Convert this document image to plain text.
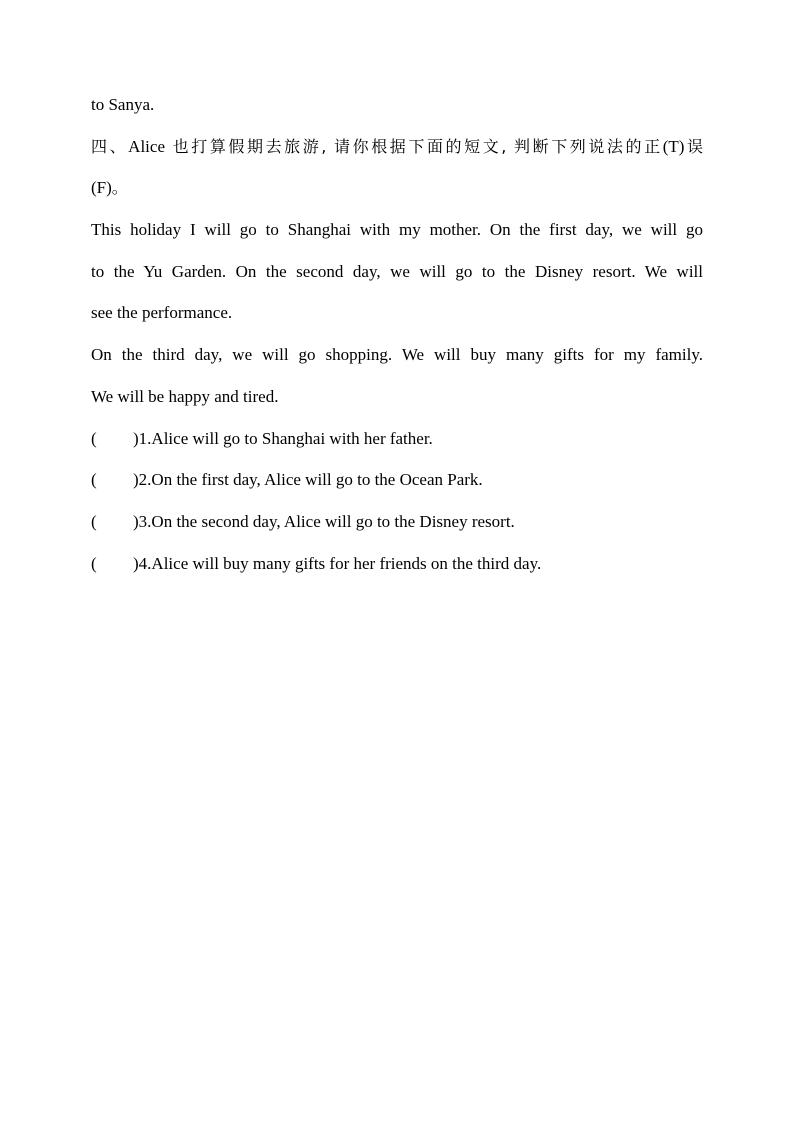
to Sanya.
四、Alice 也打算假期去旅游, 请你根据下面的短文, 判断下列说法的正(T)误
(F)。
This holiday I will go to Shanghai with my mother. On the first day, we will go
to the Yu Garden. On the second day, we will go to the Disney resort. We will
see the performance.
On the third day, we will go shopping. We will buy many gifts for my family.
We will be happy and tired.
(	) 1. Alice will go to Shanghai with her father.
(	) 2. On the first day, Alice will go to the Ocean Park.
(	) 3. On the second day, Alice will go to the Disney resort.
(	) 4. Alice will buy many gifts for her friends on the third day.
